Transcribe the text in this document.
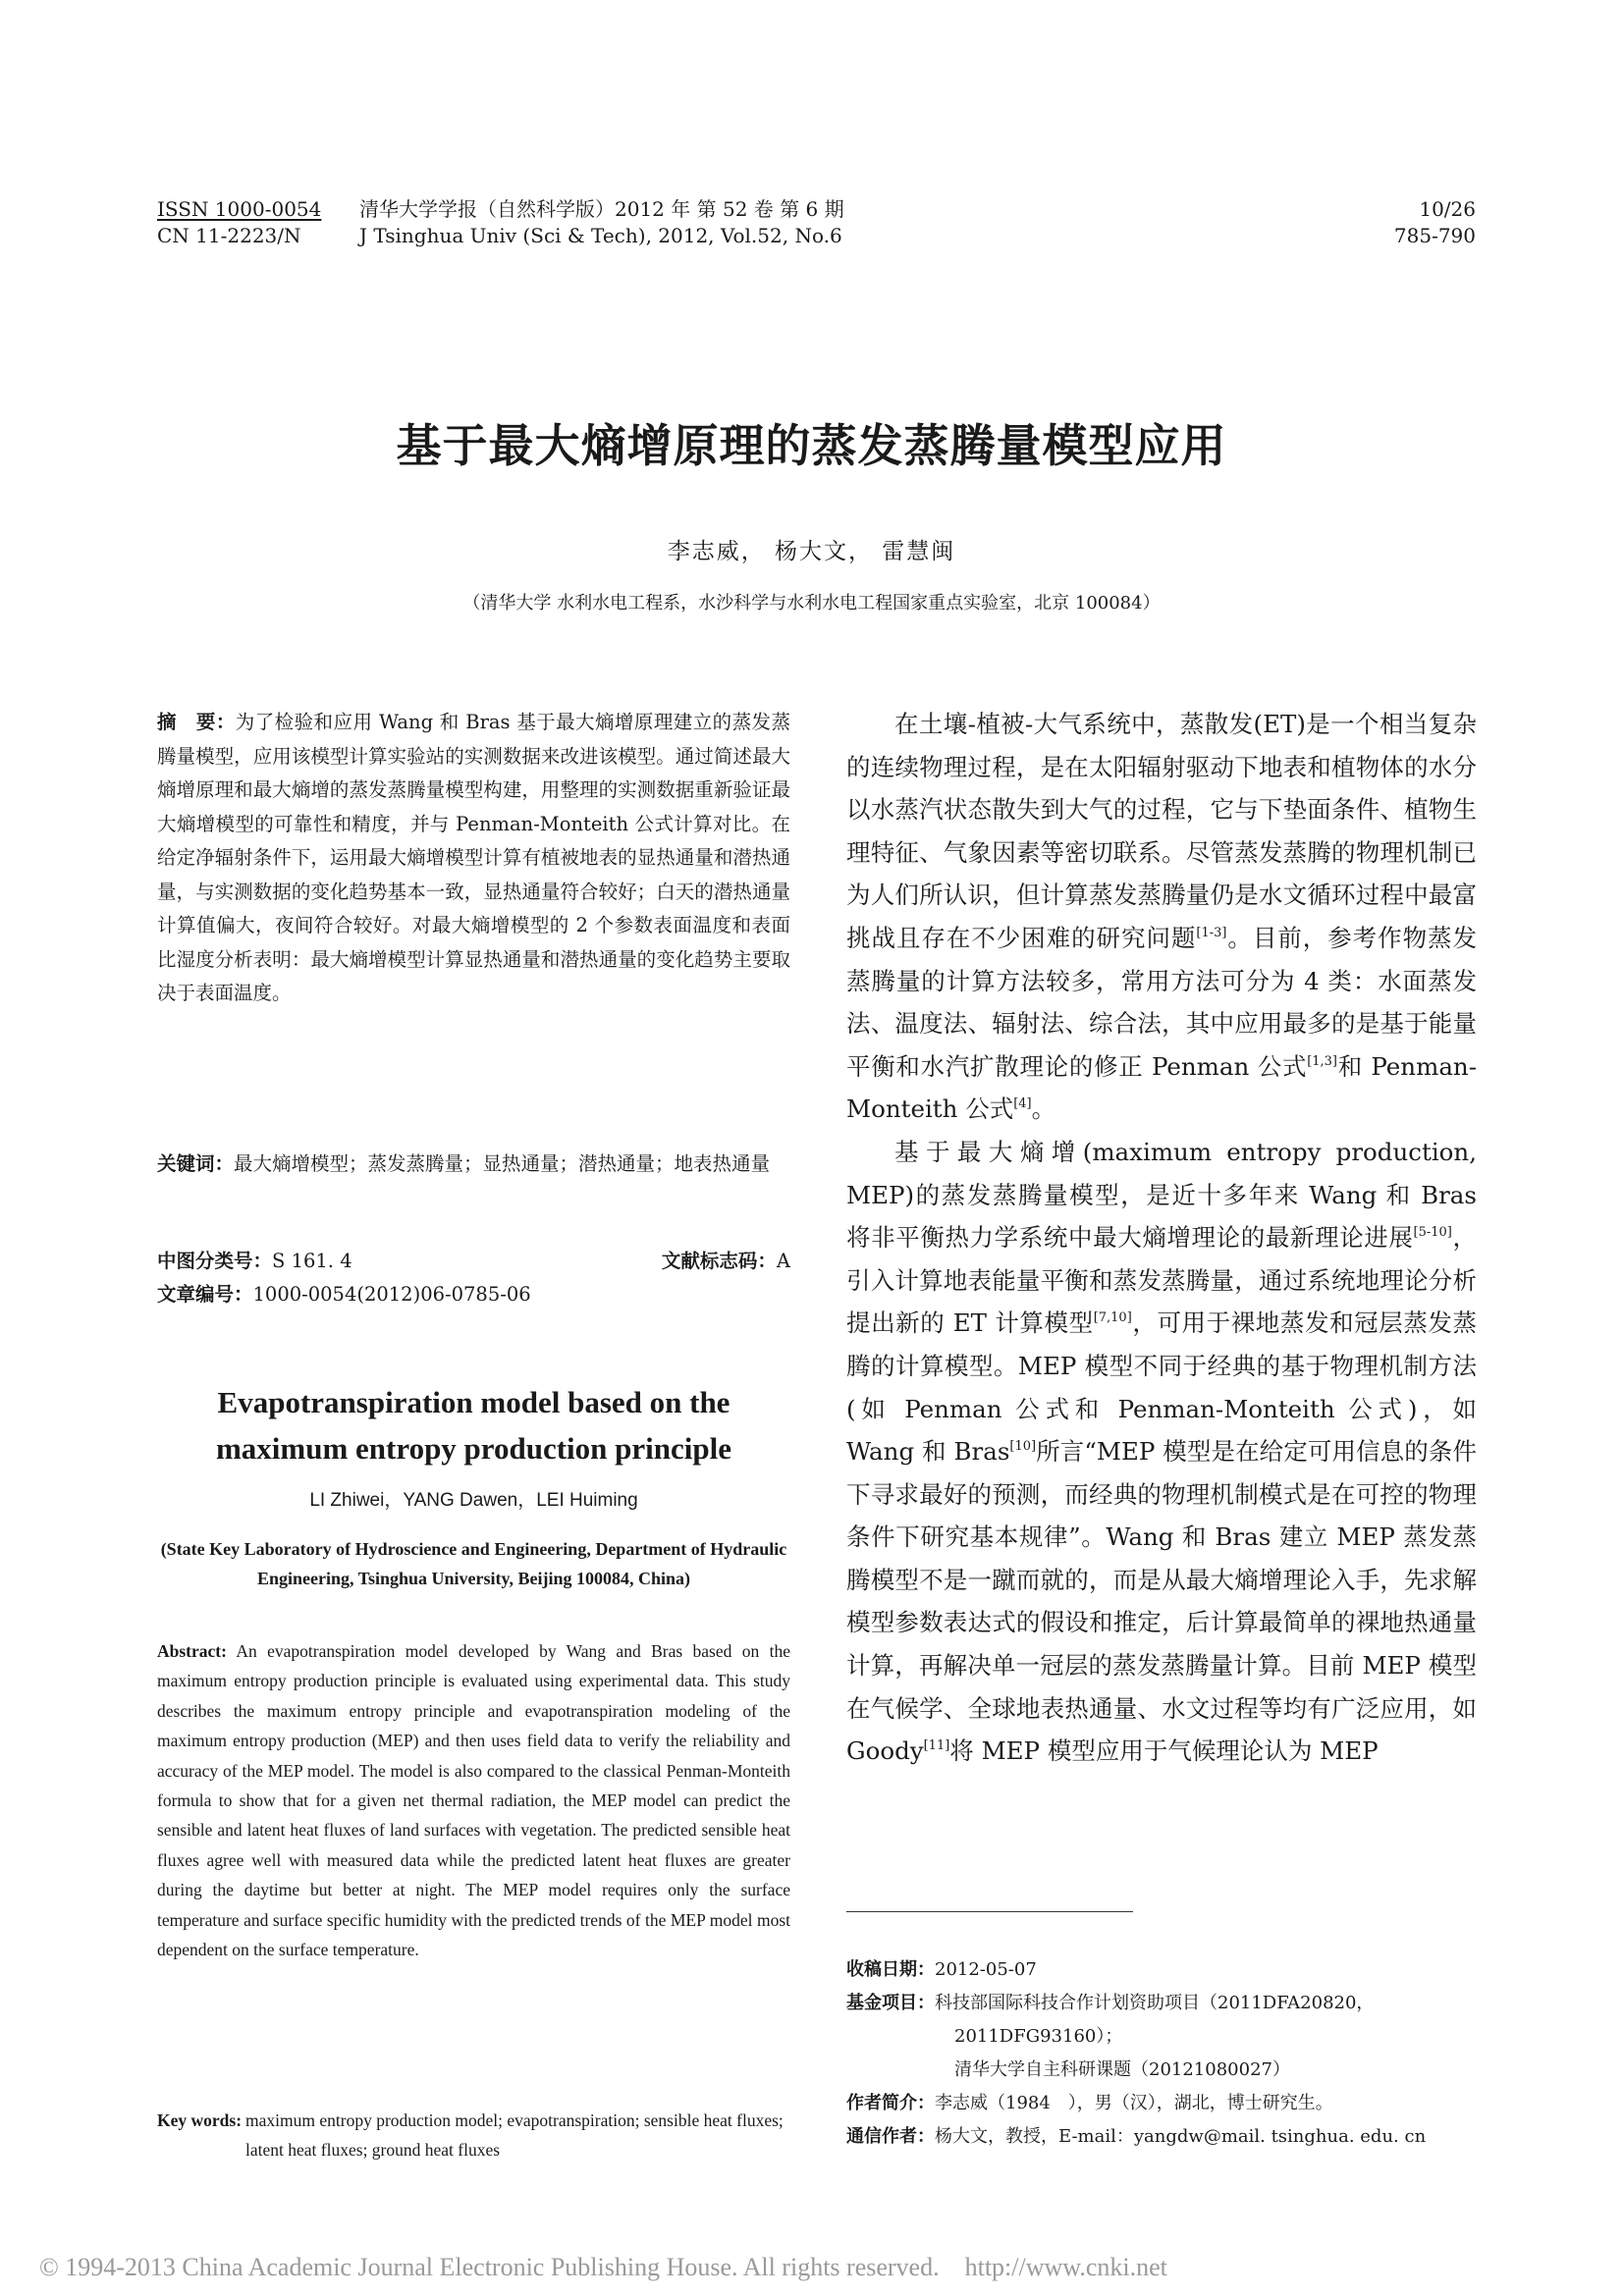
ISSN 1000-0054
CN 11-2223/N
清华大学学报（自然科学版）2012 年 第 52 卷 第 6 期
J Tsinghua Univ (Sci & Tech), 2012, Vol.52, No.6
10/26
785-790
基于最大熵增原理的蒸发蒸腾量模型应用
李志威， 杨大文， 雷慧闽
（清华大学 水利水电工程系，水沙科学与水利水电工程国家重点实验室，北京 100084）
摘　要：为了检验和应用 Wang 和 Bras 基于最大熵增原理建立的蒸发蒸腾量模型，应用该模型计算实验站的实测数据来改进该模型。通过简述最大熵增原理和最大熵增的蒸发蒸腾量模型构建，用整理的实测数据重新验证最大熵增模型的可靠性和精度，并与 Penman-Monteith 公式计算对比。在给定净辐射条件下，运用最大熵增模型计算有植被地表的显热通量和潜热通量，与实测数据的变化趋势基本一致，显热通量符合较好；白天的潜热通量计算值偏大，夜间符合较好。对最大熵增模型的 2 个参数表面温度和表面比湿度分析表明：最大熵增模型计算显热通量和潜热通量的变化趋势主要取决于表面温度。
关键词： 最大熵增模型；蒸发蒸腾量；显热通量；潜热通量；地表热通量
中图分类号：S 161. 4	文献标志码：A
文章编号：1000-0054(2012)06-0785-06
Evapotranspiration model based on the maximum entropy production principle
LI Zhiwei，YANG Dawen，LEI Huiming
(State Key Laboratory of Hydroscience and Engineering, Department of Hydraulic Engineering, Tsinghua University, Beijing 100084, China)
Abstract: An evapotranspiration model developed by Wang and Bras based on the maximum entropy production principle is evaluated using experimental data. This study describes the maximum entropy principle and evapotranspiration modeling of the maximum entropy production (MEP) and then uses field data to verify the reliability and accuracy of the MEP model. The model is also compared to the classical Penman-Monteith formula to show that for a given net thermal radiation, the MEP model can predict the sensible and latent heat fluxes of land surfaces with vegetation. The predicted sensible heat fluxes agree well with measured data while the predicted latent heat fluxes are greater during the daytime but better at night. The MEP model requires only the surface temperature and surface specific humidity with the predicted trends of the MEP model most dependent on the surface temperature.
Key words: maximum entropy production model; evapotranspiration; sensible heat fluxes; latent heat fluxes; ground heat fluxes

在土壤-植被-大气系统中，蒸散发(ET)是一个相当复杂的连续物理过程，是在太阳辐射驱动下地表和植物体的水分以水蒸汽状态散失到大气的过程，它与下垫面条件、植物生理特征、气象因素等密切联系。尽管蒸发蒸腾的物理机制已为人们所认识，但计算蒸发蒸腾量仍是水文循环过程中最富挑战且存在不少困难的研究问题[1-3]。目前，参考作物蒸发蒸腾量的计算方法较多，常用方法可分为 4 类：水面蒸发法、温度法、辐射法、综合法，其中应用最多的是基于能量平衡和水汽扩散理论的修正 Penman 公式[1,3]和 Penman-Monteith 公式[4]。

基于最大熵增(maximum entropy production, MEP)的蒸发蒸腾量模型，是近十多年来 Wang 和 Bras 将非平衡热力学系统中最大熵增理论的最新理论进展[5-10]，引入计算地表能量平衡和蒸发蒸腾量，通过系统地理论分析提出新的 ET 计算模型[7,10]，可用于裸地蒸发和冠层蒸发蒸腾的计算模型。MEP 模型不同于经典的基于物理机制方法(如 Penman 公式和 Penman-Monteith 公式)，如 Wang 和 Bras[10]所言“MEP 模型是在给定可用信息的条件下寻求最好的预测，而经典的物理机制模式是在可控的物理条件下研究基本规律”。Wang 和 Bras 建立 MEP 蒸发蒸腾模型不是一蹴而就的，而是从最大熵增理论入手，先求解模型参数表达式的假设和推定，后计算最简单的裸地热通量计算，再解决单一冠层的蒸发蒸腾量计算。目前 MEP 模型在气候学、全球地表热通量、水文过程等均有广泛应用，如 Goody[11]将 MEP 模型应用于气候理论认为 MEP

收稿日期：2012-05-07
基金项目：科技部国际科技合作计划资助项目（2011DFA20820，
2011DFG93160）；
清华大学自主科研课题（20121080027）
作者简介：李志威（1984　），男（汉），湖北，博士研究生。
通信作者：杨大文，教授，E-mail：yangdw@mail. tsinghua. edu. cn
© 1994-2013 China Academic Journal Electronic Publishing House. All rights reserved. http://www.cnki.net
